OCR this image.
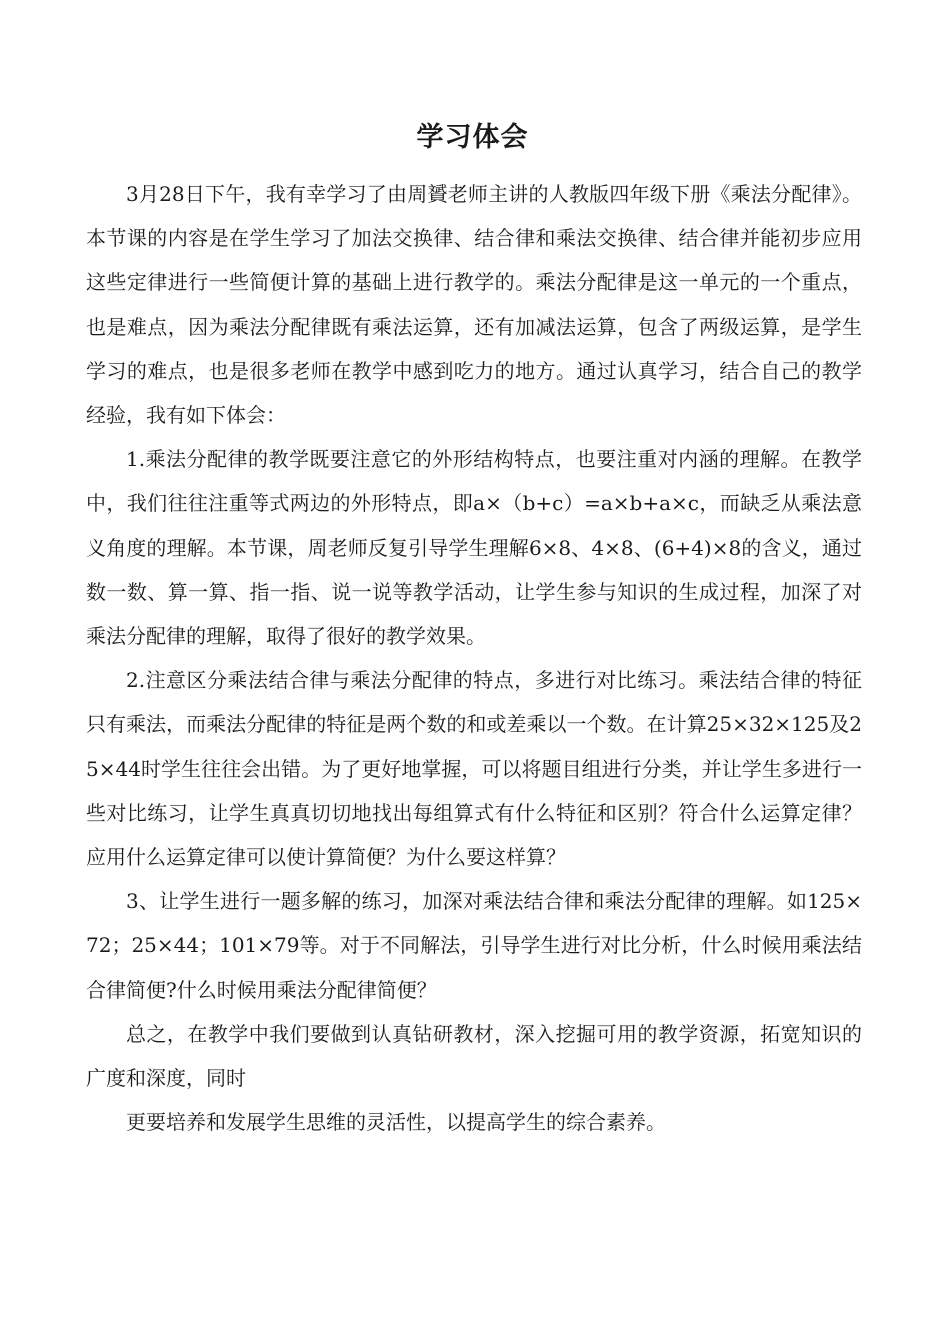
学习体会

3月28日下午，我有幸学习了由周贇老师主讲的人教版四年级下册《乘法分配律》。本节课的内容是在学生学习了加法交换律、结合律和乘法交换律、结合律并能初步应用这些定律进行一些简便计算的基础上进行教学的。乘法分配律是这一单元的一个重点，也是难点，因为乘法分配律既有乘法运算，还有加减法运算，包含了两级运算，是学生学习的难点，也是很多老师在教学中感到吃力的地方。通过认真学习，结合自己的教学经验，我有如下体会：

1.乘法分配律的教学既要注意它的外形结构特点，也要注重对内涵的理解。在教学中，我们往往注重等式两边的外形特点，即a×（b+c）=a×b+a×c，而缺乏从乘法意义角度的理解。本节课，周老师反复引导学生理解6×8、4×8、(6+4)×8的含义，通过数一数、算一算、指一指、说一说等教学活动，让学生参与知识的生成过程，加深了对乘法分配律的理解，取得了很好的教学效果。

2.注意区分乘法结合律与乘法分配律的特点，多进行对比练习。乘法结合律的特征只有乘法，而乘法分配律的特征是两个数的和或差乘以一个数。在计算25×32×125及25×44时学生往往会出错。为了更好地掌握，可以将题目组进行分类，并让学生多进行一些对比练习，让学生真真切切地找出每组算式有什么特征和区别？符合什么运算定律？应用什么运算定律可以使计算简便？为什么要这样算？

3、让学生进行一题多解的练习，加深对乘法结合律和乘法分配律的理解。如125×72；25×44；101×79等。对于不同解法，引导学生进行对比分析，什么时候用乘法结合律简便?什么时候用乘法分配律简便？

总之，在教学中我们要做到认真钻研教材，深入挖掘可用的教学资源，拓宽知识的广度和深度，同时

更要培养和发展学生思维的灵活性，以提高学生的综合素养。
